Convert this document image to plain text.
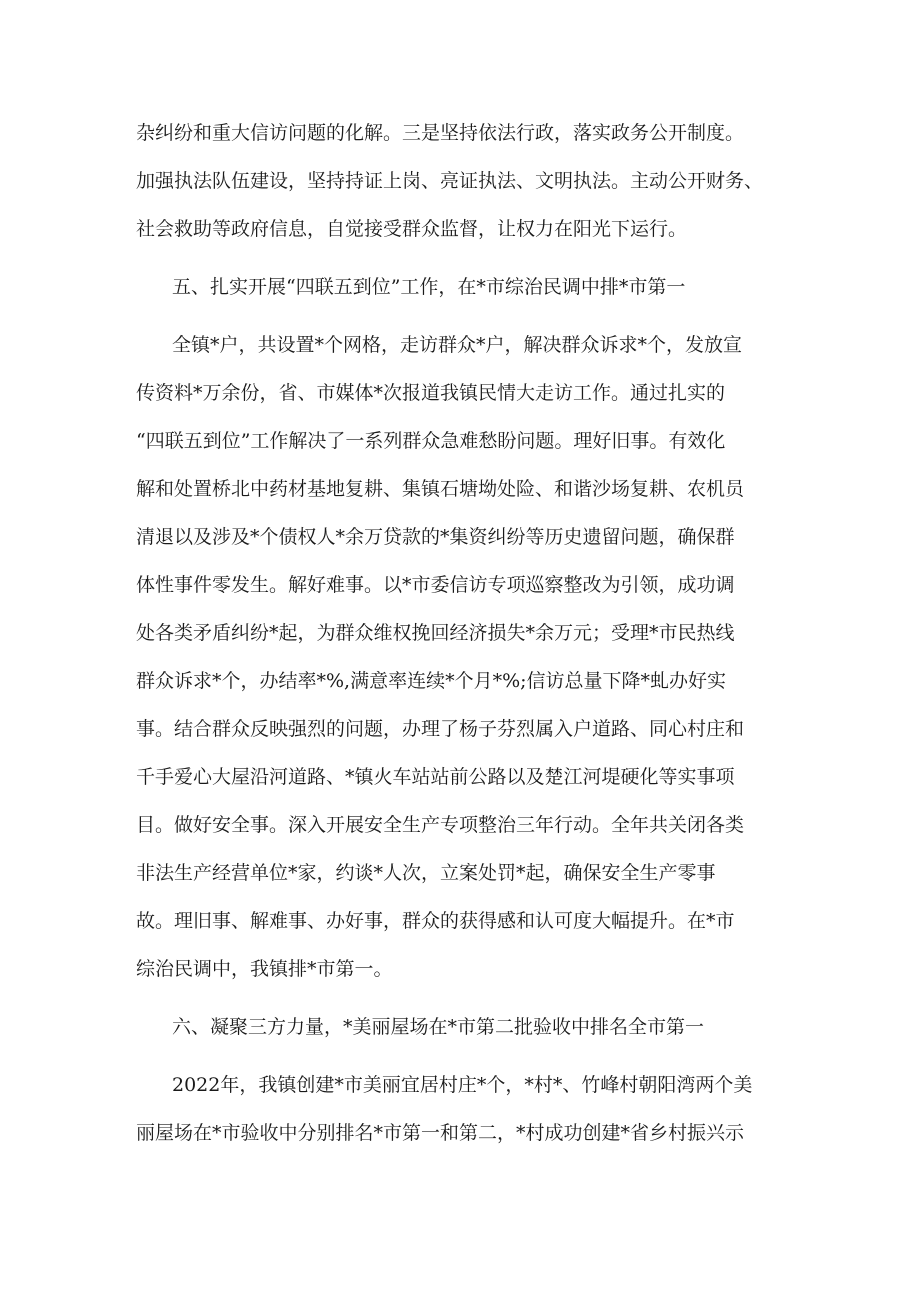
杂纠纷和重大信访问题的化解。三是坚持依法行政，落实政务公开制度。

加强执法队伍建设，坚持持证上岗、亮证执法、文明执法。主动公开财务、

社会救助等政府信息，自觉接受群众监督，让权力在阳光下运行。

五、扎实开展“四联五到位”工作，在*市综治民调中排*市第一

全镇*户，共设置*个网格，走访群众*户，解决群众诉求*个，发放宣

传资料*万余份，省、市媒体*次报道我镇民情大走访工作。通过扎实的

“四联五到位”工作解决了一系列群众急难愁盼问题。理好旧事。有效化

解和处置桥北中药材基地复耕、集镇石塘坳处险、和谐沙场复耕、农机员

清退以及涉及*个债权人*余万贷款的*集资纠纷等历史遗留问题，确保群

体性事件零发生。解好难事。以*市委信访专项巡察整改为引领，成功调

处各类矛盾纠纷*起，为群众维权挽回经济损失*余万元；受理*市民热线

群众诉求*个，办结率*%,满意率连续*个月*%;信访总量下降*虬办好实

事。结合群众反映强烈的问题，办理了杨子芬烈属入户道路、同心村庄和

千手爱心大屋沿河道路、*镇火车站站前公路以及楚江河堤硬化等实事项

目。做好安全事。深入开展安全生产专项整治三年行动。全年共关闭各类

非法生产经营单位*家，约谈*人次，立案处罚*起，确保安全生产零事

故。理旧事、解难事、办好事，群众的获得感和认可度大幅提升。在*市

综治民调中，我镇排*市第一。

六、凝聚三方力量，*美丽屋场在*市第二批验收中排名全市第一

2022年，我镇创建*市美丽宜居村庄*个，*村*、竹峰村朝阳湾两个美

丽屋场在*市验收中分别排名*市第一和第二，*村成功创建*省乡村振兴示
